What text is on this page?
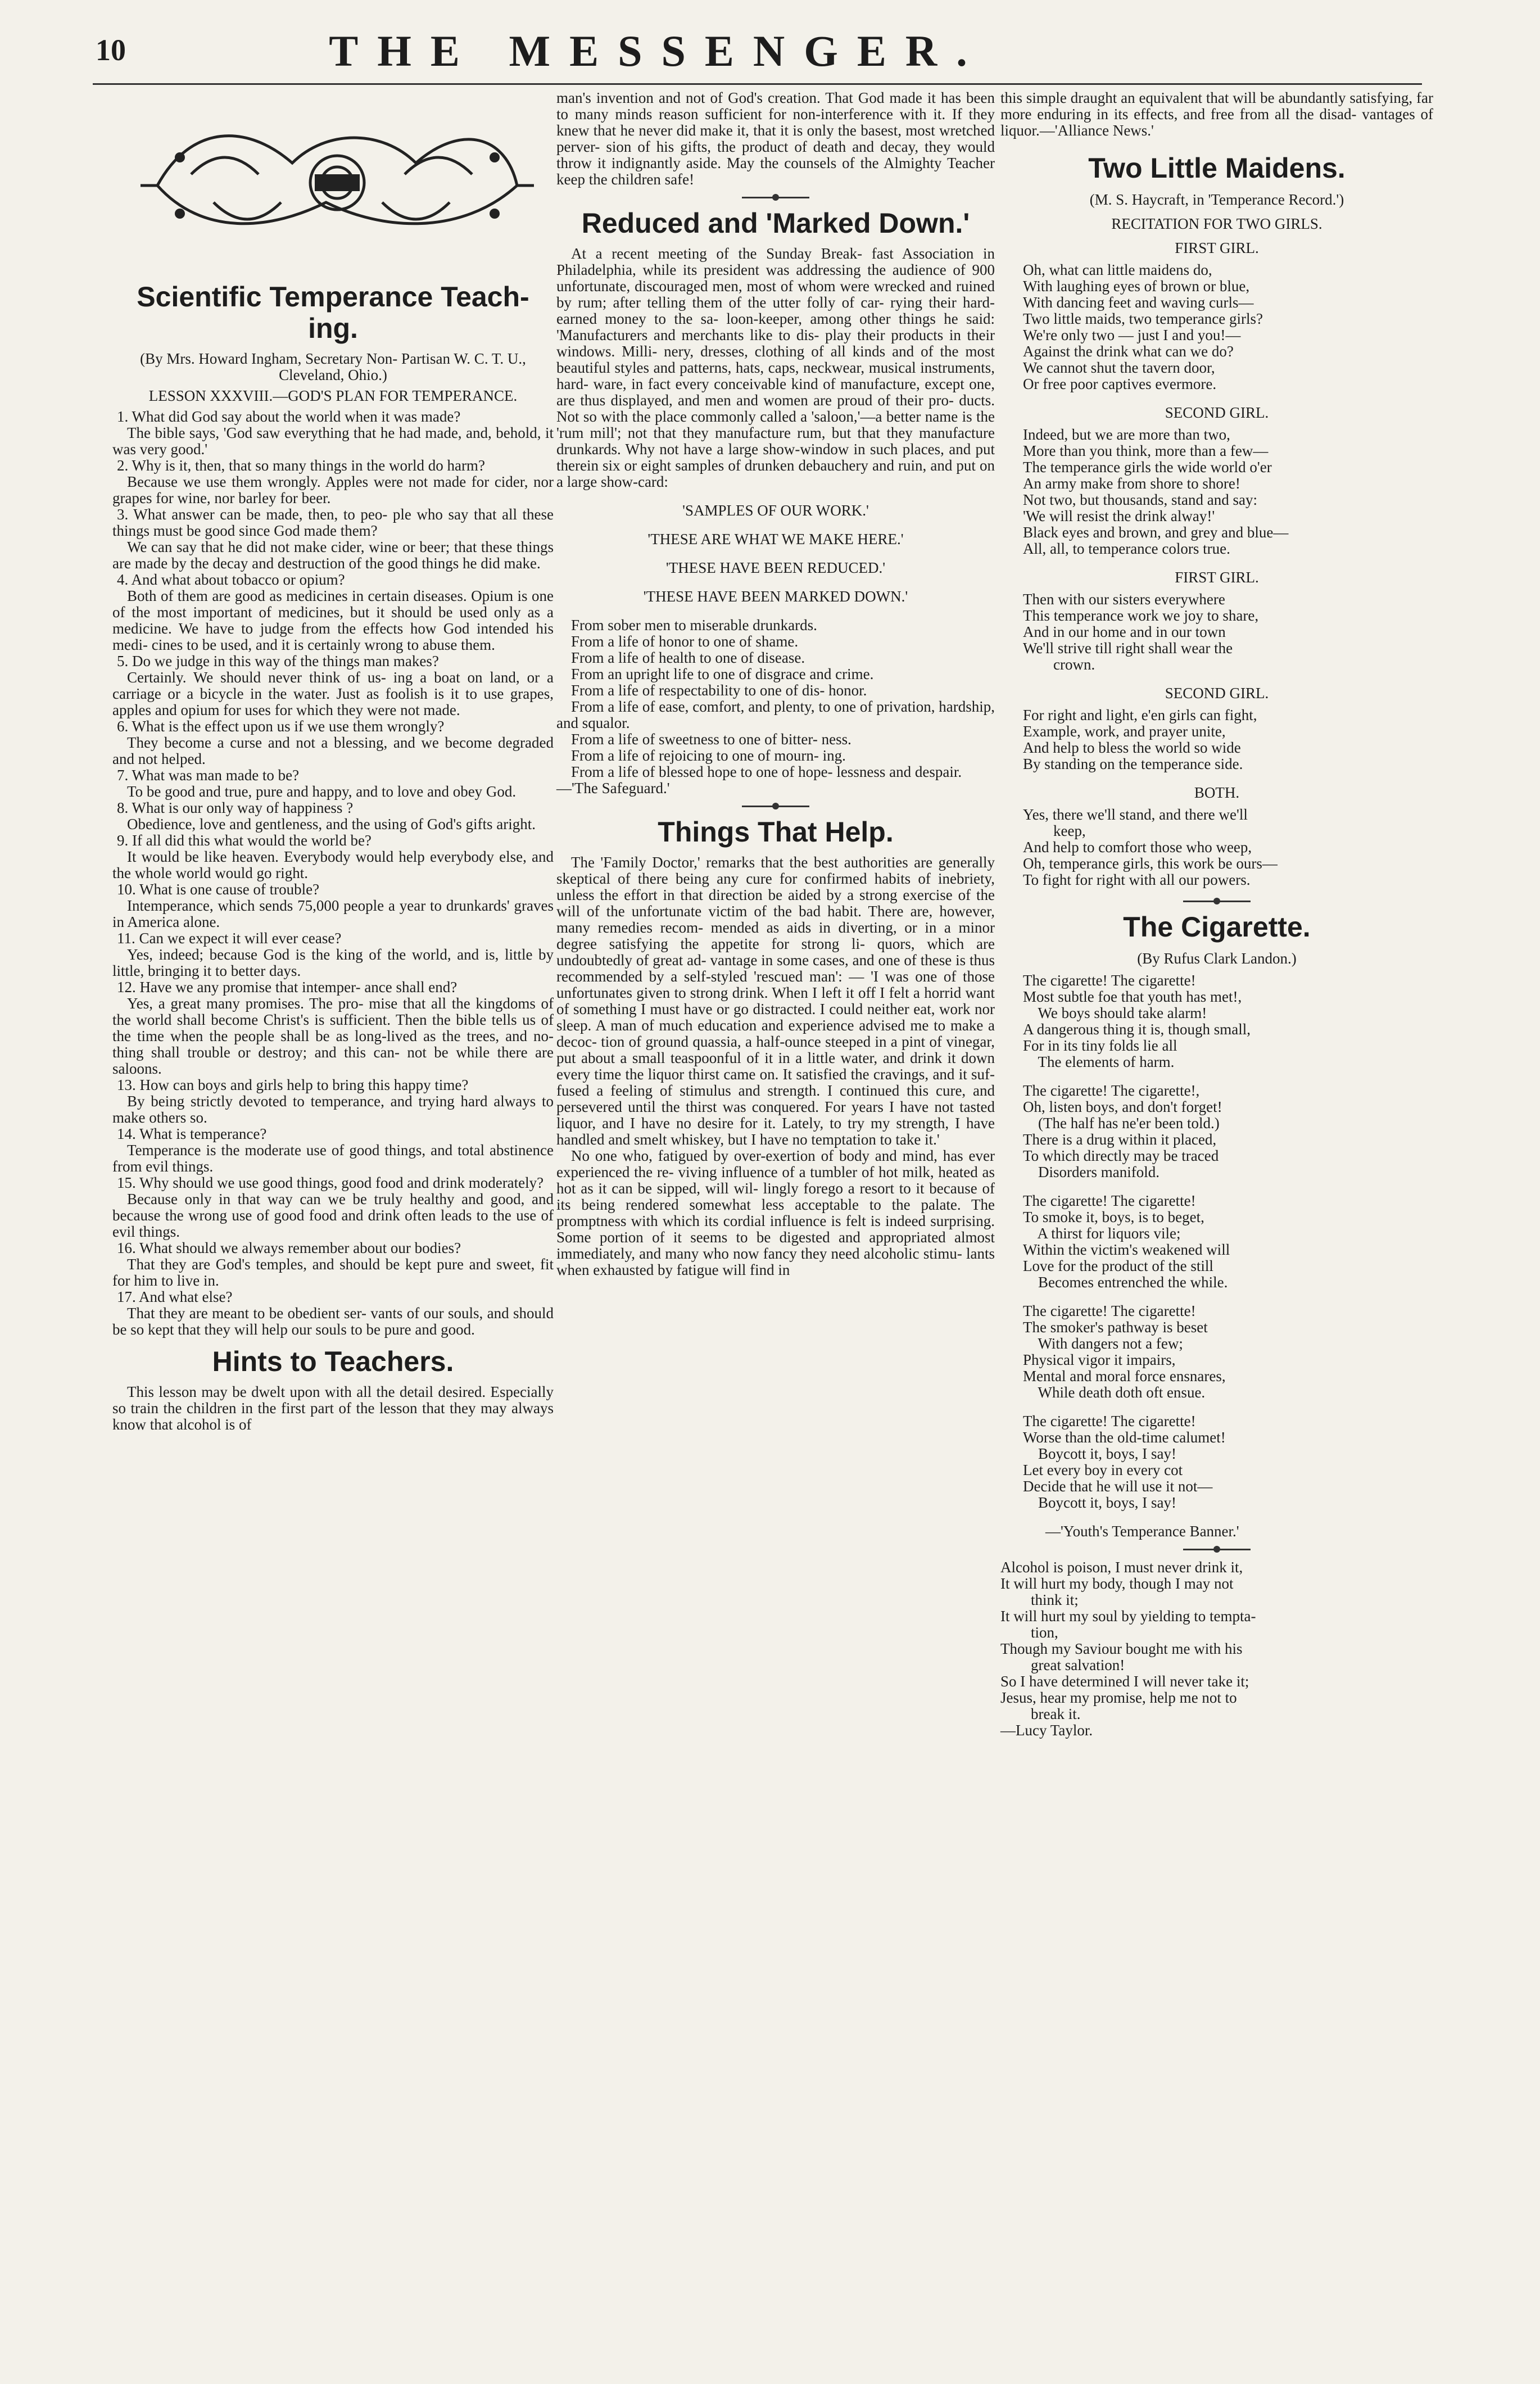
10	THE MESSENGER.
Scientific Temperance Teach- ing.

(By Mrs. Howard Ingham, Secretary Non- Partisan W. C. T. U., Cleveland, Ohio.)

LESSON XXXVIII.—GOD'S PLAN FOR TEMPERANCE.

1. What did God say about the world when it was made?

The bible says, 'God saw everything that he had made, and, behold, it was very good.'

2. Why is it, then, that so many things in the world do harm?

Because we use them wrongly. Apples were not made for cider, nor grapes for wine, nor barley for beer.

3. What answer can be made, then, to peo- ple who say that all these things must be good since God made them?

We can say that he did not make cider, wine or beer; that these things are made by the decay and destruction of the good things he did make.

4. And what about tobacco or opium?

Both of them are good as medicines in certain diseases. Opium is one of the most important of medicines, but it should be used only as a medicine. We have to judge from the effects how God intended his medi- cines to be used, and it is certainly wrong to abuse them.

5. Do we judge in this way of the things man makes?

Certainly. We should never think of us- ing a boat on land, or a carriage or a bicycle in the water. Just as foolish is it to use grapes, apples and opium for uses for which they were not made.

6. What is the effect upon us if we use them wrongly?

They become a curse and not a blessing, and we become degraded and not helped.

7. What was man made to be?

To be good and true, pure and happy, and to love and obey God.

8. What is our only way of happiness ?

Obedience, love and gentleness, and the using of God's gifts aright.

9. If all did this what would the world be?

It would be like heaven. Everybody would help everybody else, and the whole world would go right.

10. What is one cause of trouble?

Intemperance, which sends 75,000 people a year to drunkards' graves in America alone.

11. Can we expect it will ever cease?

Yes, indeed; because God is the king of the world, and is, little by little, bringing it to better days.

12. Have we any promise that intemper- ance shall end?

Yes, a great many promises. The pro- mise that all the kingdoms of the world shall become Christ's is sufficient. Then the bible tells us of the time when the people shall be as long-lived as the trees, and no- thing shall trouble or destroy; and this can- not be while there are saloons.

13. How can boys and girls help to bring this happy time?

By being strictly devoted to temperance, and trying hard always to make others so.

14. What is temperance?

Temperance is the moderate use of good things, and total abstinence from evil things.

15. Why should we use good things, good food and drink moderately?

Because only in that way can we be truly healthy and good, and because the wrong use of good food and drink often leads to the use of evil things.

16. What should we always remember about our bodies?

That they are God's temples, and should be kept pure and sweet, fit for him to live in.

17. And what else?

That they are meant to be obedient ser- vants of our souls, and should be so kept that they will help our souls to be pure and good.

Hints to Teachers.

This lesson may be dwelt upon with all the detail desired. Especially so train the children in the first part of the lesson that they may always know that alcohol is of

man's invention and not of God's creation. That God made it has been to many minds reason sufficient for non-interference with it. If they knew that he never did make it, that it is only the basest, most wretched perver- sion of his gifts, the product of death and decay, they would throw it indignantly aside. May the counsels of the Almighty Teacher keep the children safe!

Reduced and 'Marked Down.'

At a recent meeting of the Sunday Break- fast Association in Philadelphia, while its president was addressing the audience of 900 unfortunate, discouraged men, most of whom were wrecked and ruined by rum; after telling them of the utter folly of car- rying their hard-earned money to the sa- loon-keeper, among other things he said: 'Manufacturers and merchants like to dis- play their products in their windows. Milli- nery, dresses, clothing of all kinds and of the most beautiful styles and patterns, hats, caps, neckwear, musical instruments, hard- ware, in fact every conceivable kind of manufacture, except one, are thus displayed, and men and women are proud of their pro- ducts. Not so with the place commonly called a 'saloon,'—a better name is the 'rum mill'; not that they manufacture rum, but that they manufacture drunkards. Why not have a large show-window in such places, and put therein six or eight samples of drunken debauchery and ruin, and put on a large show-card:

'SAMPLES OF OUR WORK.'
'THESE ARE WHAT WE MAKE HERE.'
'THESE HAVE BEEN REDUCED.'
'THESE HAVE BEEN MARKED DOWN.'

From sober men to miserable drunkards.

From a life of honor to one of shame.

From a life of health to one of disease.

From an upright life to one of disgrace and crime.

From a life of respectability to one of dis- honor.

From a life of ease, comfort, and plenty, to one of privation, hardship, and squalor.

From a life of sweetness to one of bitter- ness.

From a life of rejoicing to one of mourn- ing.

From a life of blessed hope to one of hope- lessness and despair.

—'The Safeguard.'

Things That Help.

The 'Family Doctor,' remarks that the best authorities are generally skeptical of there being any cure for confirmed habits of inebriety, unless the effort in that direction be aided by a strong exercise of the will of the unfortunate victim of the bad habit. There are, however, many remedies recom- mended as aids in diverting, or in a minor degree satisfying the appetite for strong li- quors, which are undoubtedly of great ad- vantage in some cases, and one of these is thus recommended by a self-styled 'rescued man': — 'I was one of those unfortunates given to strong drink. When I left it off I felt a horrid want of something I must have or go distracted. I could neither eat, work nor sleep. A man of much education and experience advised me to make a decoc- tion of ground quassia, a half-ounce steeped in a pint of vinegar, put about a small teaspoonful of it in a little water, and drink it down every time the liquor thirst came on. It satisfied the cravings, and it suf- fused a feeling of stimulus and strength. I continued this cure, and persevered until the thirst was conquered. For years I have not tasted liquor, and I have no desire for it. Lately, to try my strength, I have handled and smelt whiskey, but I have no temptation to take it.'

No one who, fatigued by over-exertion of body and mind, has ever experienced the re- viving influence of a tumbler of hot milk, heated as hot as it can be sipped, will wil- lingly forego a resort to it because of its being rendered somewhat less acceptable to the palate. The promptness with which its cordial influence is felt is indeed surprising. Some portion of it seems to be digested and appropriated almost immediately, and many who now fancy they need alcoholic stimu- lants when exhausted by fatigue will find in

this simple draught an equivalent that will be abundantly satisfying, far more enduring in its effects, and free from all the disad- vantages of liquor.—'Alliance News.'

Two Little Maidens.
(M. S. Haycraft, in 'Temperance Record.')
RECITATION FOR TWO GIRLS.
FIRST GIRL.
Oh, what can little maidens do,
With laughing eyes of brown or blue,
With dancing feet and waving curls—
Two little maids, two temperance girls?
We're only two — just I and you!—
Against the drink what can we do?
We cannot shut the tavern door,
Or free poor captives evermore.
SECOND GIRL.
Indeed, but we are more than two,
More than you think, more than a few—
The temperance girls the wide world o'er
An army make from shore to shore!
Not two, but thousands, stand and say:
'We will resist the drink alway!'
Black eyes and brown, and grey and blue—
All, all, to temperance colors true.
FIRST GIRL.
Then with our sisters everywhere
This temperance work we joy to share,
And in our home and in our town
We'll strive till right shall wear the
crown.
SECOND GIRL.
For right and light, e'en girls can fight,
Example, work, and prayer unite,
And help to bless the world so wide
By standing on the temperance side.
BOTH.
Yes, there we'll stand, and there we'll
keep,
And help to comfort those who weep,
Oh, temperance girls, this work be ours—
To fight for right with all our powers.
The Cigarette.
(By Rufus Clark Landon.)
The cigarette! The cigarette!
Most subtle foe that youth has met!,
We boys should take alarm!
A dangerous thing it is, though small,
For in its tiny folds lie all
The elements of harm.
The cigarette! The cigarette!,
Oh, listen boys, and don't forget!
(The half has ne'er been told.)
There is a drug within it placed,
To which directly may be traced
Disorders manifold.
The cigarette! The cigarette!
To smoke it, boys, is to beget,
A thirst for liquors vile;
Within the victim's weakened will
Love for the product of the still
Becomes entrenched the while.
The cigarette! The cigarette!
The smoker's pathway is beset
With dangers not a few;
Physical vigor it impairs,
Mental and moral force ensnares,
While death doth oft ensue.
The cigarette! The cigarette!
Worse than the old-time calumet!
Boycott it, boys, I say!
Let every boy in every cot
Decide that he will use it not—
Boycott it, boys, I say!

—'Youth's Temperance Banner.'

Alcohol is poison, I must never drink it,
It will hurt my body, though I may not
think it;
It will hurt my soul by yielding to tempta-
tion,
Though my Saviour bought me with his
great salvation!
So I have determined I will never take it;
Jesus, hear my promise, help me not to
break it.

—Lucy Taylor.
